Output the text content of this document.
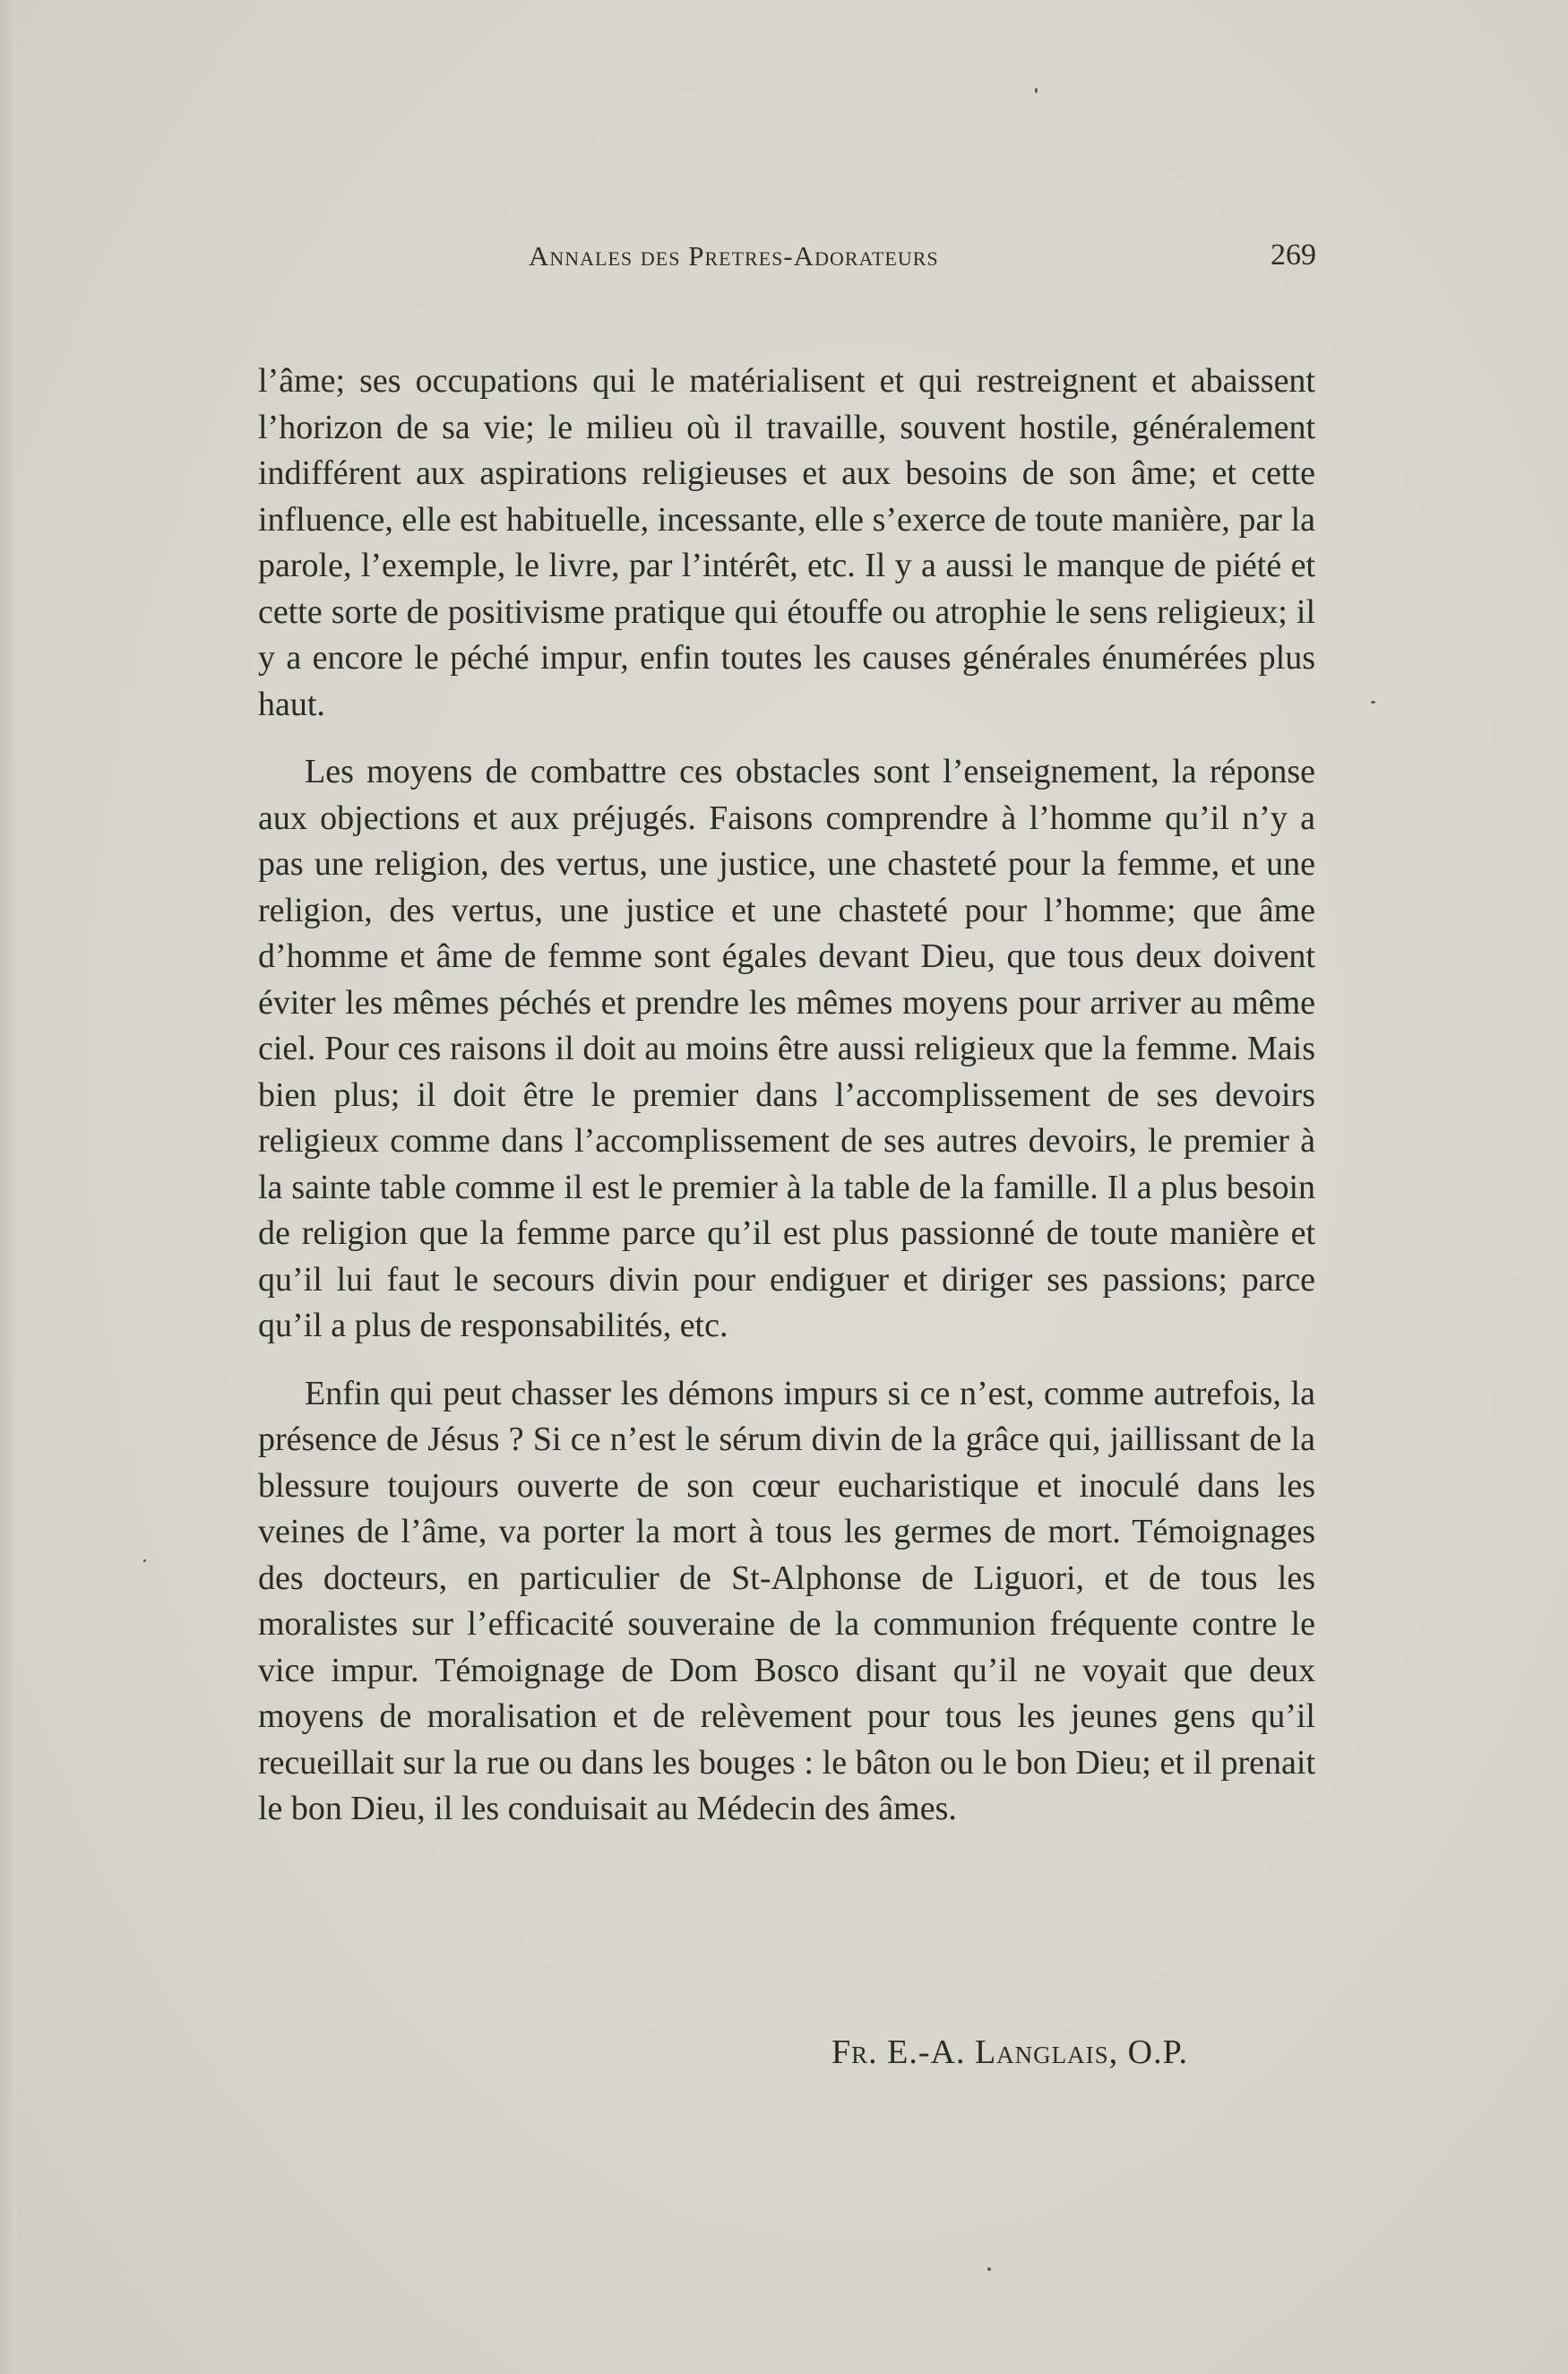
Annales des Pretres-Adorateurs	269

l’âme; ses occupations qui le matérialisent et qui restreignent et abaissent l’horizon de sa vie; le milieu où il travaille, souvent hostile, généralement indifférent aux aspirations religieuses et aux besoins de son âme; et cette influence, elle est habituelle, incessante, elle s’exerce de toute manière, par la parole, l’exemple, le livre, par l’intérêt, etc. Il y a aussi le manque de piété et cette sorte de positivisme pratique qui étouffe ou atrophie le sens religieux; il y a encore le péché impur, enfin toutes les causes générales énumérées plus haut.

Les moyens de combattre ces obstacles sont l’enseignement, la réponse aux objections et aux préjugés. Faisons comprendre à l’homme qu’il n’y a pas une religion, des vertus, une justice, une chasteté pour la femme, et une religion, des vertus, une justice et une chasteté pour l’homme; que âme d’homme et âme de femme sont égales devant Dieu, que tous deux doivent éviter les mêmes péchés et prendre les mêmes moyens pour arriver au même ciel. Pour ces raisons il doit au moins être aussi religieux que la femme. Mais bien plus; il doit être le premier dans l’accomplissement de ses devoirs religieux comme dans l’accomplissement de ses autres devoirs, le premier à la sainte table comme il est le premier à la table de la famille. Il a plus besoin de religion que la femme parce qu’il est plus passionné de toute manière et qu’il lui faut le secours divin pour endiguer et diriger ses passions; parce qu’il a plus de responsabilités, etc.

Enfin qui peut chasser les démons impurs si ce n’est, comme autrefois, la présence de Jésus ? Si ce n’est le sérum divin de la grâce qui, jaillissant de la blessure toujours ouverte de son cœur eucharistique et inoculé dans les veines de l’âme, va porter la mort à tous les germes de mort. Témoignages des docteurs, en particulier de St-Alphonse de Liguori, et de tous les moralistes sur l’efficacité souveraine de la communion fréquente contre le vice impur. Témoignage de Dom Bosco disant qu’il ne voyait que deux moyens de moralisation et de relèvement pour tous les jeunes gens qu’il recueillait sur la rue ou dans les bouges : le bâton ou le bon Dieu; et il prenait le bon Dieu, il les conduisait au Médecin des âmes.

Fr. E.-A. Langlais, O.P.
